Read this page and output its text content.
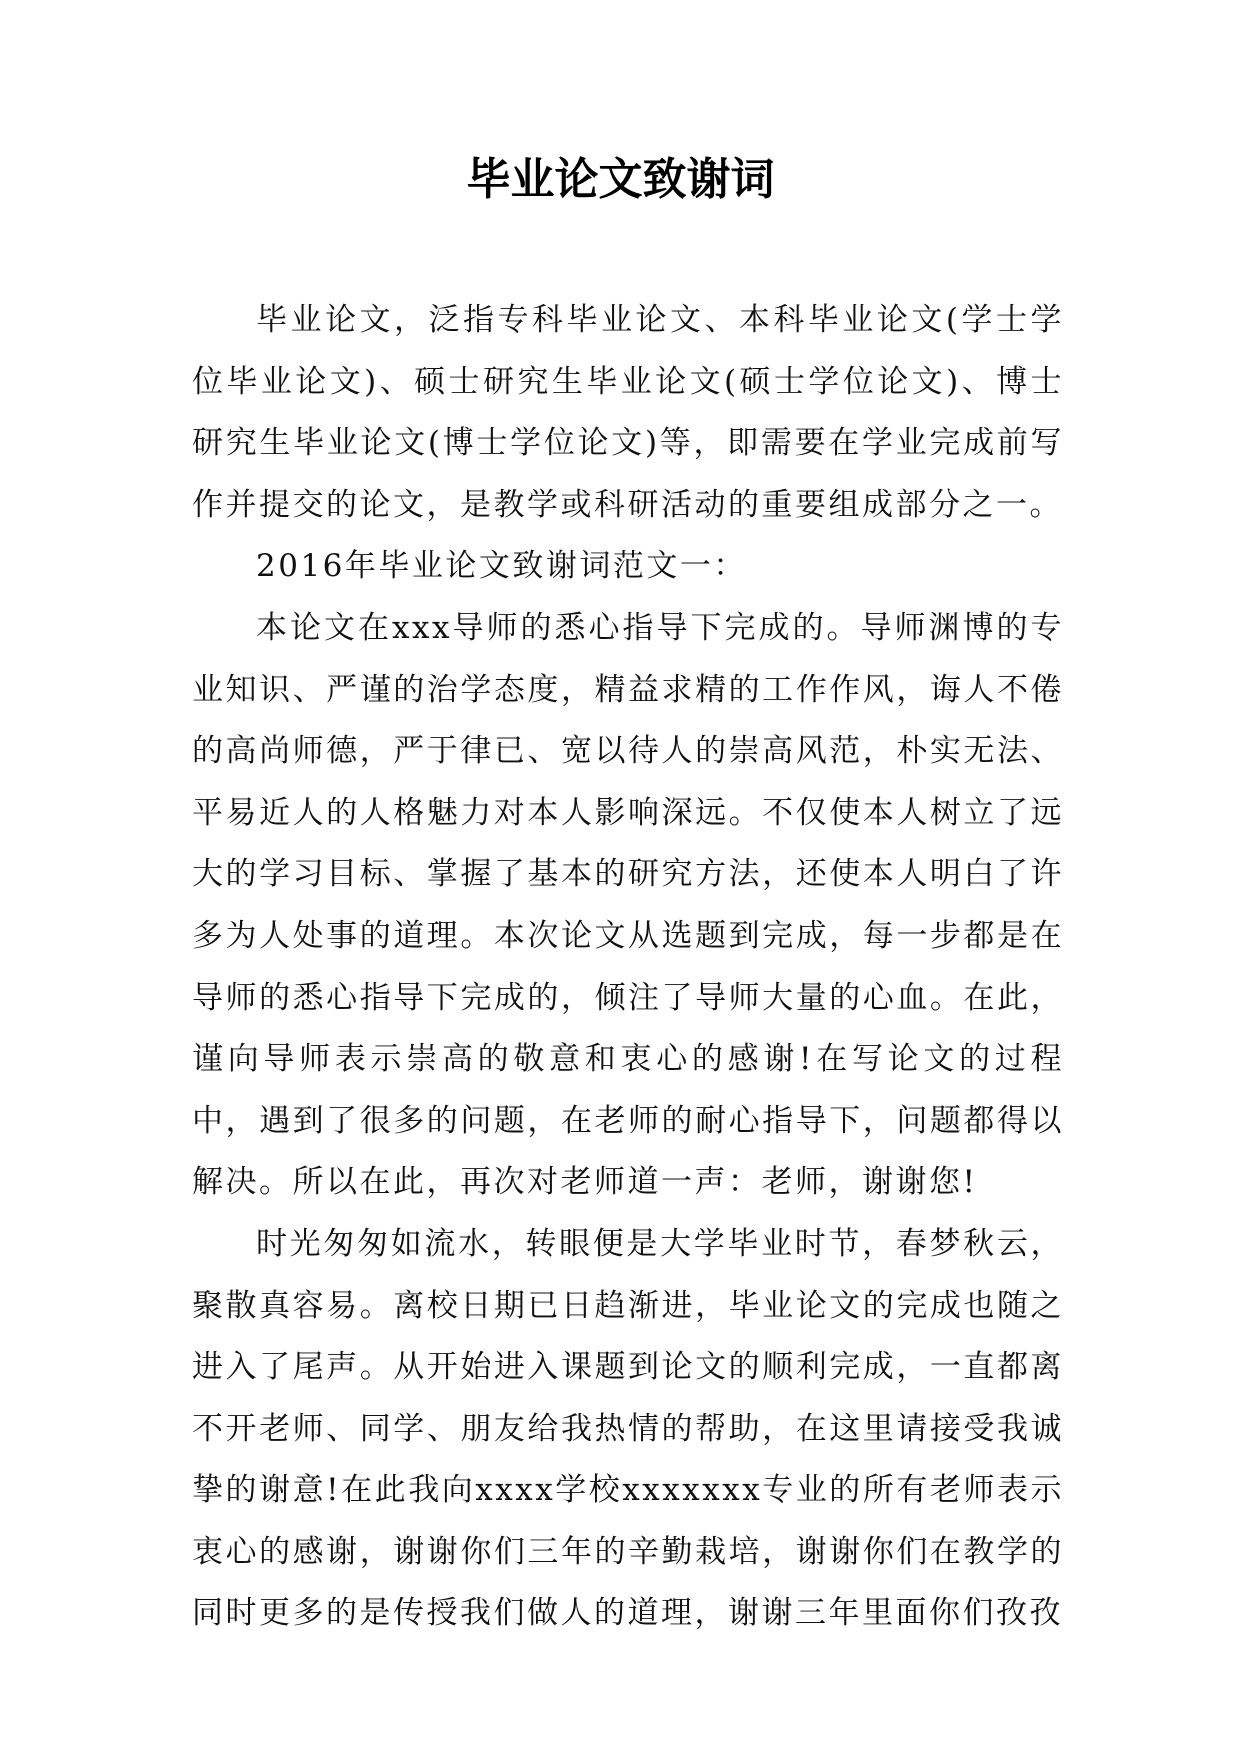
毕业论文致谢词

毕业论文，泛指专科毕业论文、本科毕业论文(学士学位毕业论文)、硕士研究生毕业论文(硕士学位论文)、博士研究生毕业论文(博士学位论文)等，即需要在学业完成前写作并提交的论文，是教学或科研活动的重要组成部分之一。

2016年毕业论文致谢词范文一：

本论文在xxx导师的悉心指导下完成的。导师渊博的专业知识、严谨的治学态度，精益求精的工作作风，诲人不倦的高尚师德，严于律已、宽以待人的崇高风范，朴实无法、平易近人的人格魅力对本人影响深远。不仅使本人树立了远大的学习目标、掌握了基本的研究方法，还使本人明白了许多为人处事的道理。本次论文从选题到完成，每一步都是在导师的悉心指导下完成的，倾注了导师大量的心血。在此，谨向导师表示崇高的敬意和衷心的感谢!在写论文的过程中，遇到了很多的问题，在老师的耐心指导下，问题都得以解决。所以在此，再次对老师道一声：老师，谢谢您!

时光匆匆如流水，转眼便是大学毕业时节，春梦秋云，聚散真容易。离校日期已日趋渐进，毕业论文的完成也随之进入了尾声。从开始进入课题到论文的顺利完成，一直都离不开老师、同学、朋友给我热情的帮助，在这里请接受我诚挚的谢意!在此我向xxxx学校xxxxxxx专业的所有老师表示衷心的感谢，谢谢你们三年的辛勤栽培，谢谢你们在教学的同时更多的是传授我们做人的道理，谢谢三年里面你们孜孜
